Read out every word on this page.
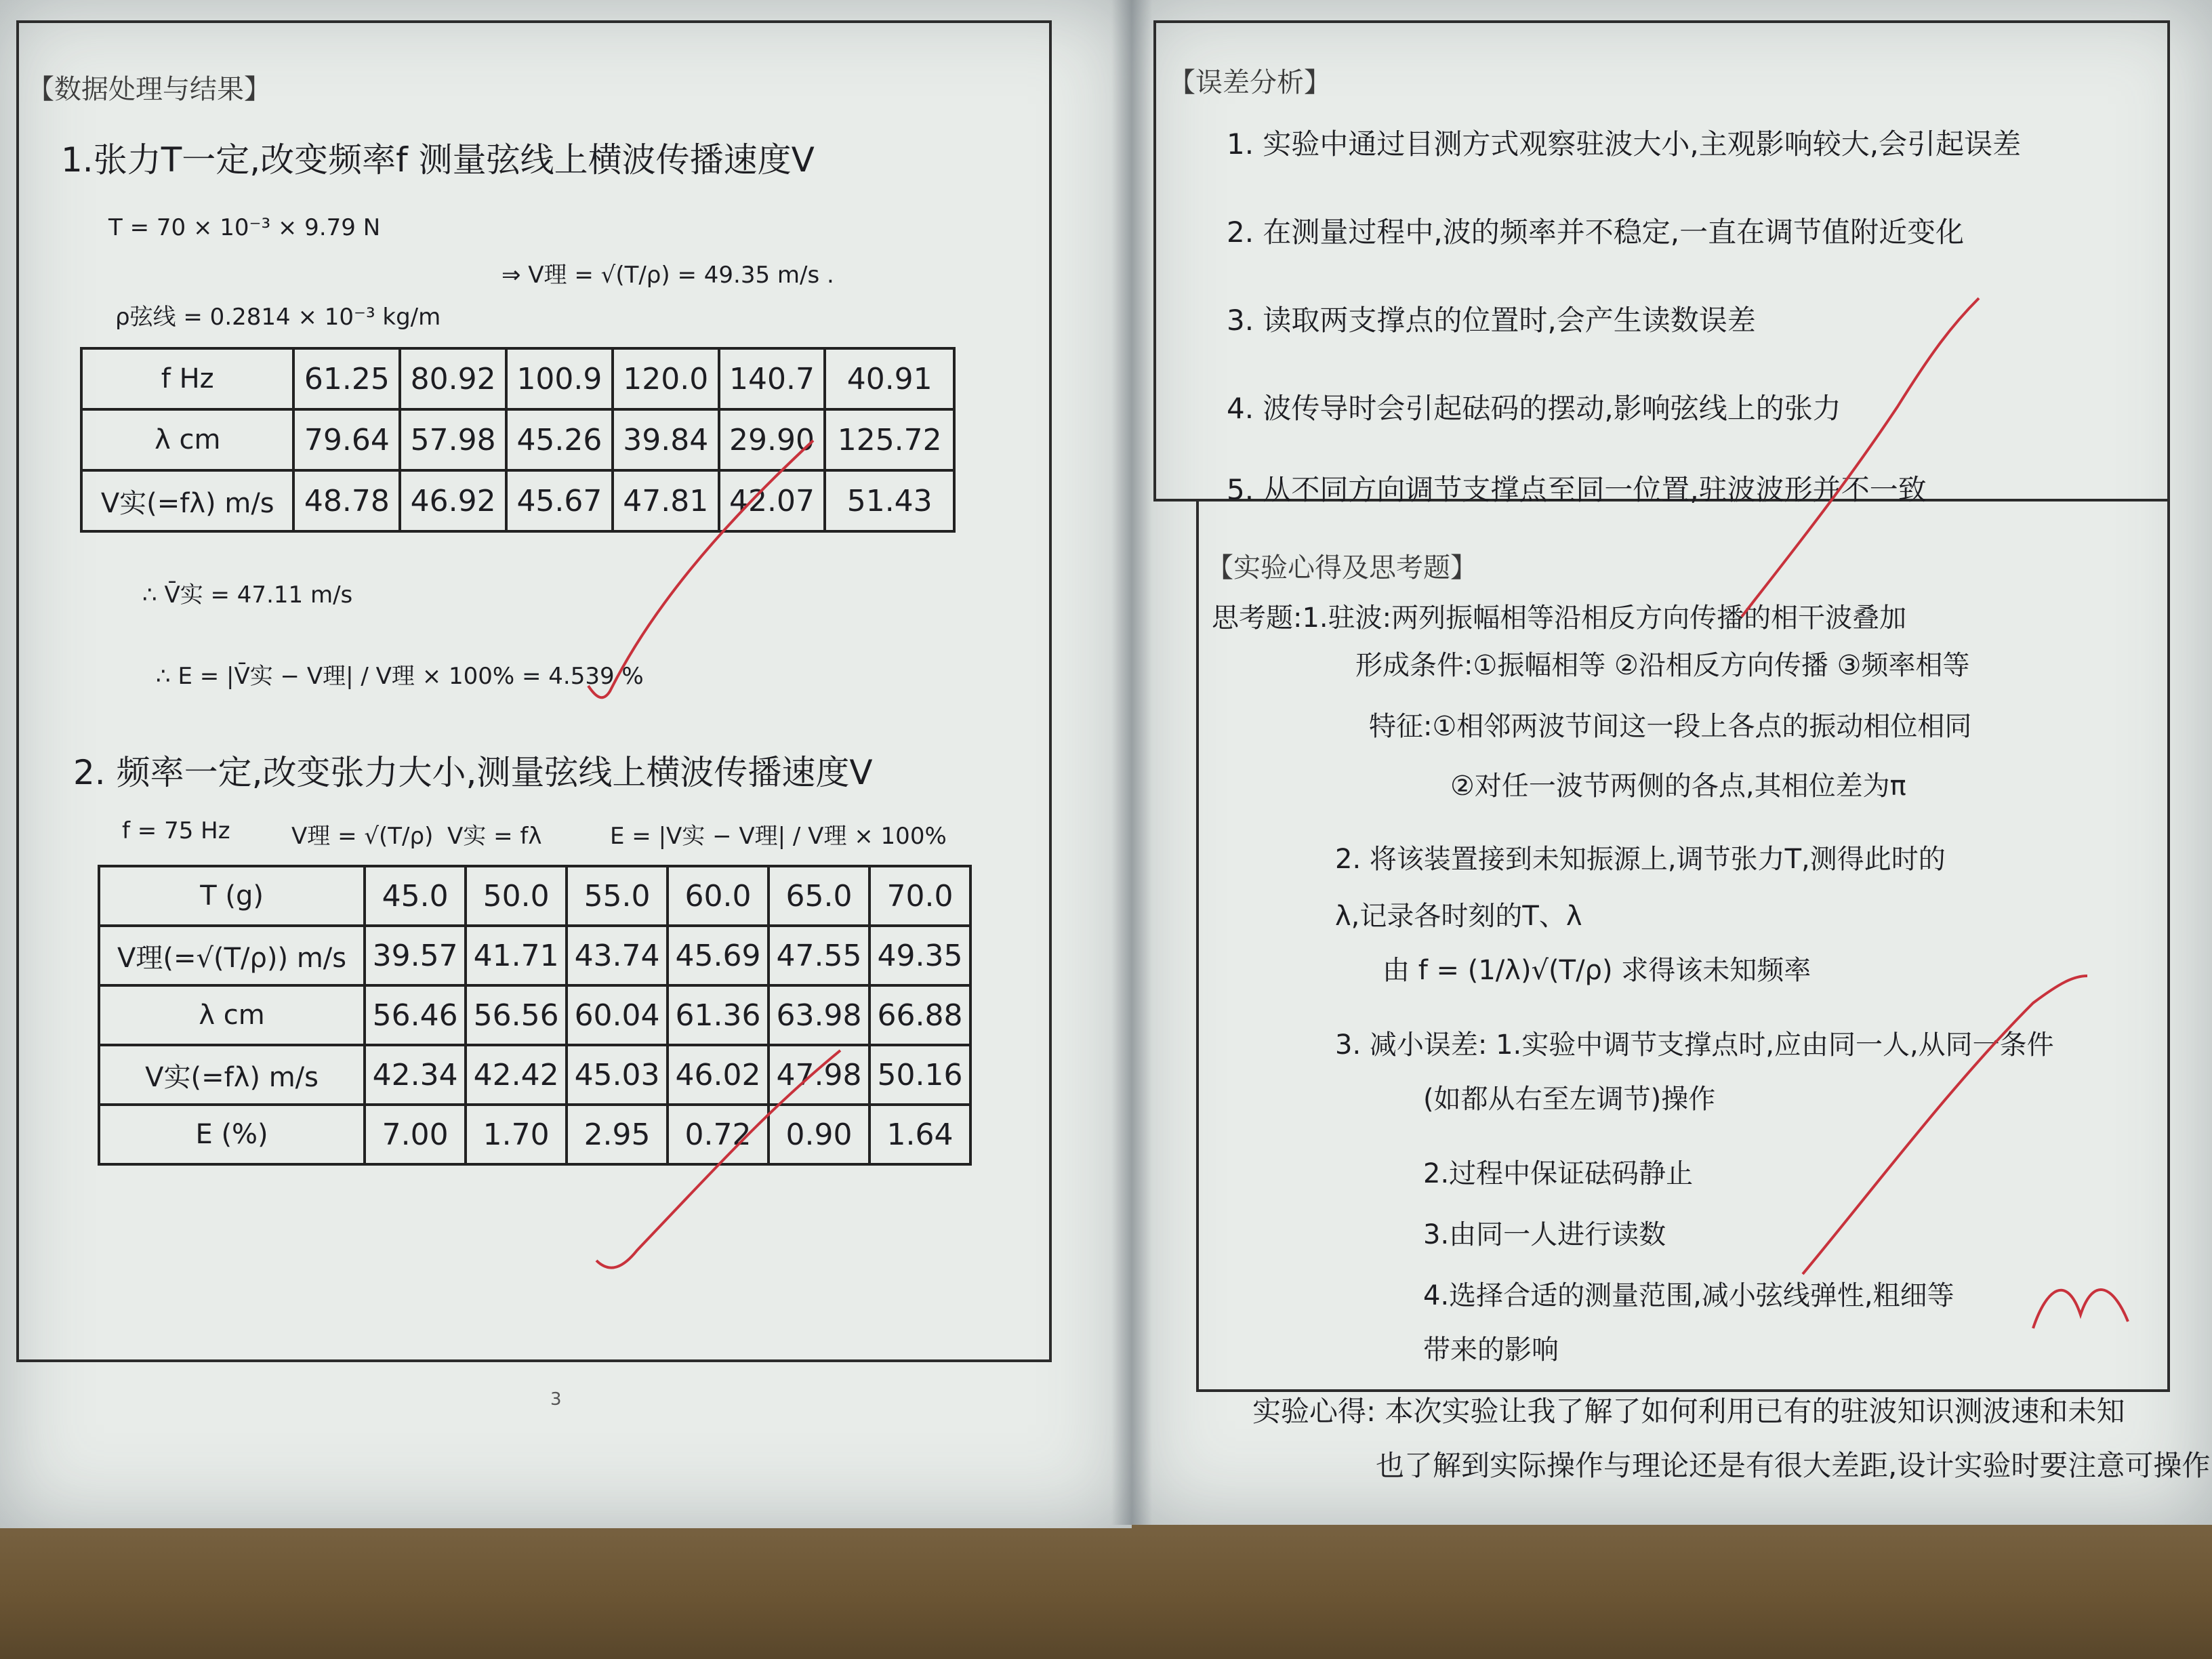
【数据处理与结果】
1.张力T一定,改变频率f 测量弦线上横波传播速度V
T = 70 × 10⁻³ × 9.79 N
⇒ V理 = √(T/ρ) = 49.35 m/s .
ρ弦线 = 0.2814 × 10⁻³ kg/m
f Hz	61.25	80.92	100.9	120.0	140.7	40.91
λ cm	79.64	57.98	45.26	39.84	29.90	125.72
V实(=fλ) m/s	48.78	46.92	45.67	47.81	42.07	51.43
∴ V̄实 = 47.11 m/s
∴ E = |V̄实 − V理| / V理 × 100% = 4.539 %
2. 频率一定,改变张力大小,测量弦线上横波传播速度V
f = 75 Hz	V理 = √(T/ρ) V实 = fλ	E = |V实 − V理| / V理 × 100%
T (g)	45.0	50.0	55.0	60.0	65.0	70.0
V理(=√(T/ρ)) m/s	39.57	41.71	43.74	45.69	47.55	49.35
λ cm	56.46	56.56	60.04	61.36	63.98	66.88
V实(=fλ) m/s	42.34	42.42	45.03	46.02	47.98	50.16
E (%)	7.00	1.70	2.95	0.72	0.90	1.64
3
【误差分析】
1. 实验中通过目测方式观察驻波大小,主观影响较大,会引起误差
2. 在测量过程中,波的频率并不稳定,一直在调节值附近变化
3. 读取两支撑点的位置时,会产生读数误差
4. 波传导时会引起砝码的摆动,影响弦线上的张力
5. 从不同方向调节支撑点至同一位置,驻波波形并不一致
【实验心得及思考题】
思考题:1.驻波:两列振幅相等沿相反方向传播的相干波叠加
形成条件:①振幅相等 ②沿相反方向传播 ③频率相等
特征:①相邻两波节间这一段上各点的振动相位相同
②对任一波节两侧的各点,其相位差为π
2. 将该装置接到未知振源上,调节张力T,测得此时的
λ,记录各时刻的T、λ
由 f = (1/λ)√(T/ρ) 求得该未知频率
3. 减小误差: 1.实验中调节支撑点时,应由同一人,从同一条件
(如都从右至左调节)操作
2.过程中保证砝码静止
3.由同一人进行读数
4.选择合适的测量范围,减小弦线弹性,粗细等
带来的影响
实验心得: 本次实验让我了解了如何利用已有的驻波知识测波速和未知
也了解到实际操作与理论还是有很大差距,设计实验时要注意可操作
